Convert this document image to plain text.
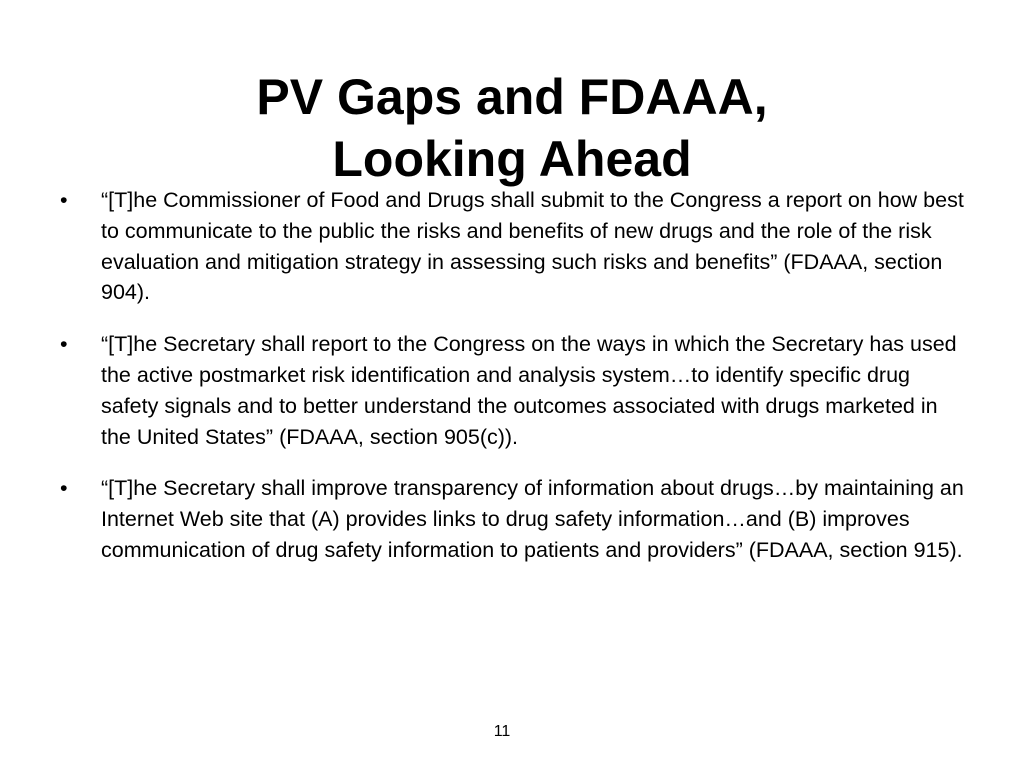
PV Gaps and FDAAA,
Looking Ahead
• “[T]he Commissioner of Food and Drugs shall submit to the Congress a report on how best to communicate to the public the risks and benefits of new drugs and the role of the risk evaluation and mitigation strategy in assessing such risks and benefits” (FDAAA, section 904).
• “[T]he Secretary shall report to the Congress on the ways in which the Secretary has used the active postmarket risk identification and analysis system…to identify specific drug safety signals and to better understand the outcomes associated with drugs marketed in the United States” (FDAAA, section 905(c)).
• “[T]he Secretary shall improve transparency of information about drugs…by maintaining an Internet Web site that (A) provides links to drug safety information…and (B) improves communication of drug safety information to patients and providers” (FDAAA, section 915).
11
